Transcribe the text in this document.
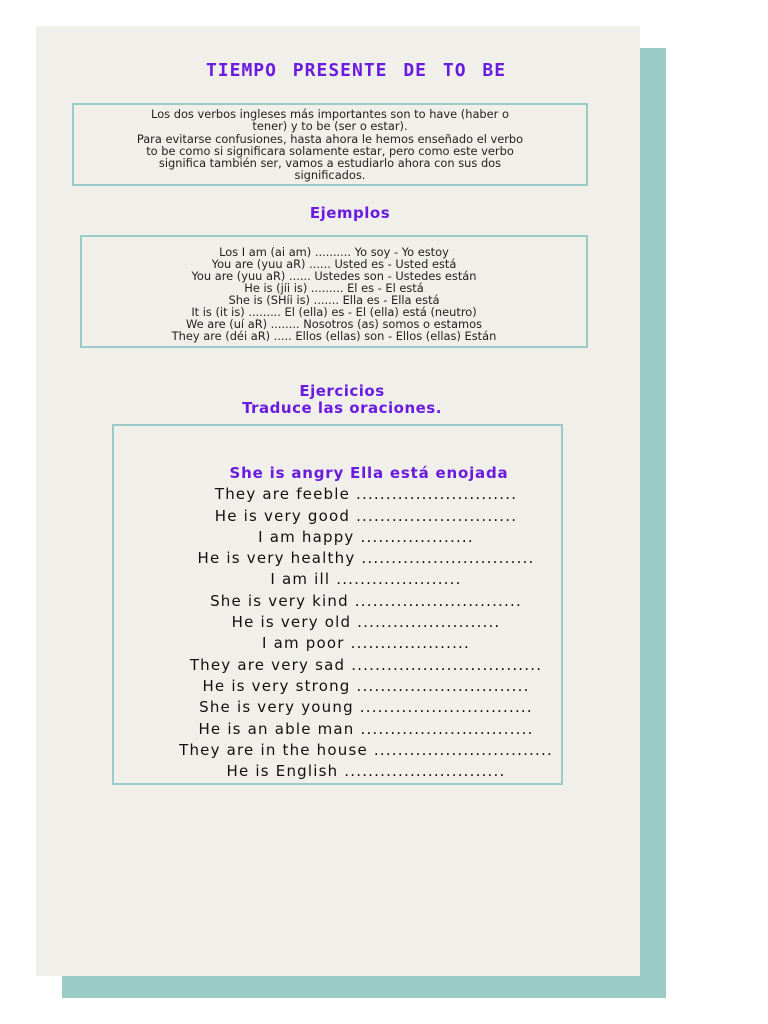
TIEMPO PRESENTE DE TO BE
Los dos verbos ingleses más importantes son to have (haber o
tener) y to be (ser o estar).
Para evitarse confusiones, hasta ahora le hemos enseñado el verbo
to be como si significara solamente estar, pero como este verbo
significa también ser, vamos a estudiarlo ahora con sus dos
significados.
Ejemplos
Los I am (ai am) .......... Yo soy - Yo estoy
You are (yuu aR) ...... Usted es - Usted está
You are (yuu aR) ...... Ustedes son - Ustedes están
He is (jíi is) ......... El es - El está
She is (SHíi is) ....... Ella es - Ella está
It is (it is) ......... El (ella) es - El (ella) está (neutro)
We are (uí aR) ........ Nosotros (as) somos o estamos
They are (déi aR) ..... Ellos (ellas) son - Ellos (ellas) Están
Ejercicios
Traduce las oraciones.
She is angry Ella está enojada
They are feeble ...........................
He is very good ...........................
I am happy ...................
He is very healthy .............................
I am ill .....................
She is very kind ............................
He is very old ........................
I am poor ....................
They are very sad ................................
He is very strong .............................
She is very young .............................
He is an able man .............................
They are in the house ..............................
He is English ...........................
